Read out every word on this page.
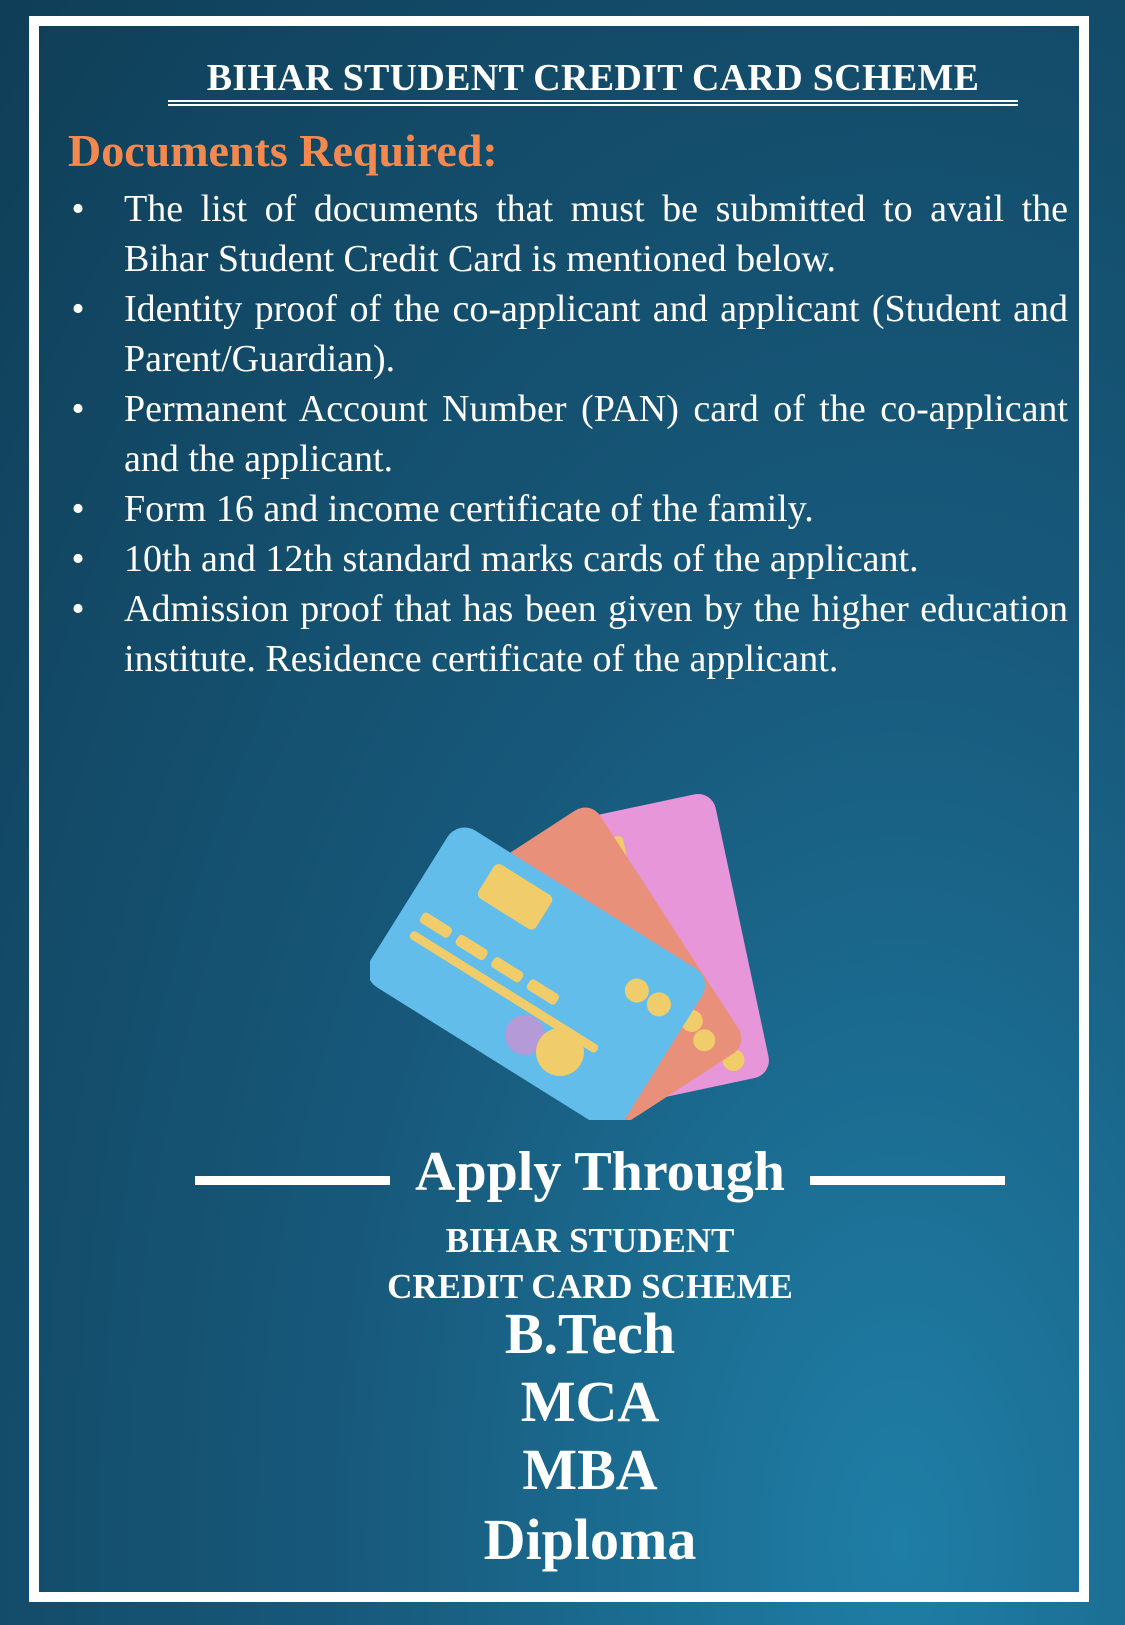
BIHAR STUDENT CREDIT CARD SCHEME
Documents Required:
• The list of documents that must be submitted to avail the Bihar Student Credit Card is mentioned below.
• Identity proof of the co-applicant and applicant (Student and Parent/Guardian).
• Permanent Account Number (PAN) card of the co-applicant and the applicant.
• Form 16 and income certificate of the family.
• 10th and 12th standard marks cards of the applicant.
• Admission proof that has been given by the higher education institute. Residence certificate of the applicant.
Apply Through
BIHAR STUDENT
CREDIT CARD SCHEME
B.Tech
MCA
MBA
Diploma
